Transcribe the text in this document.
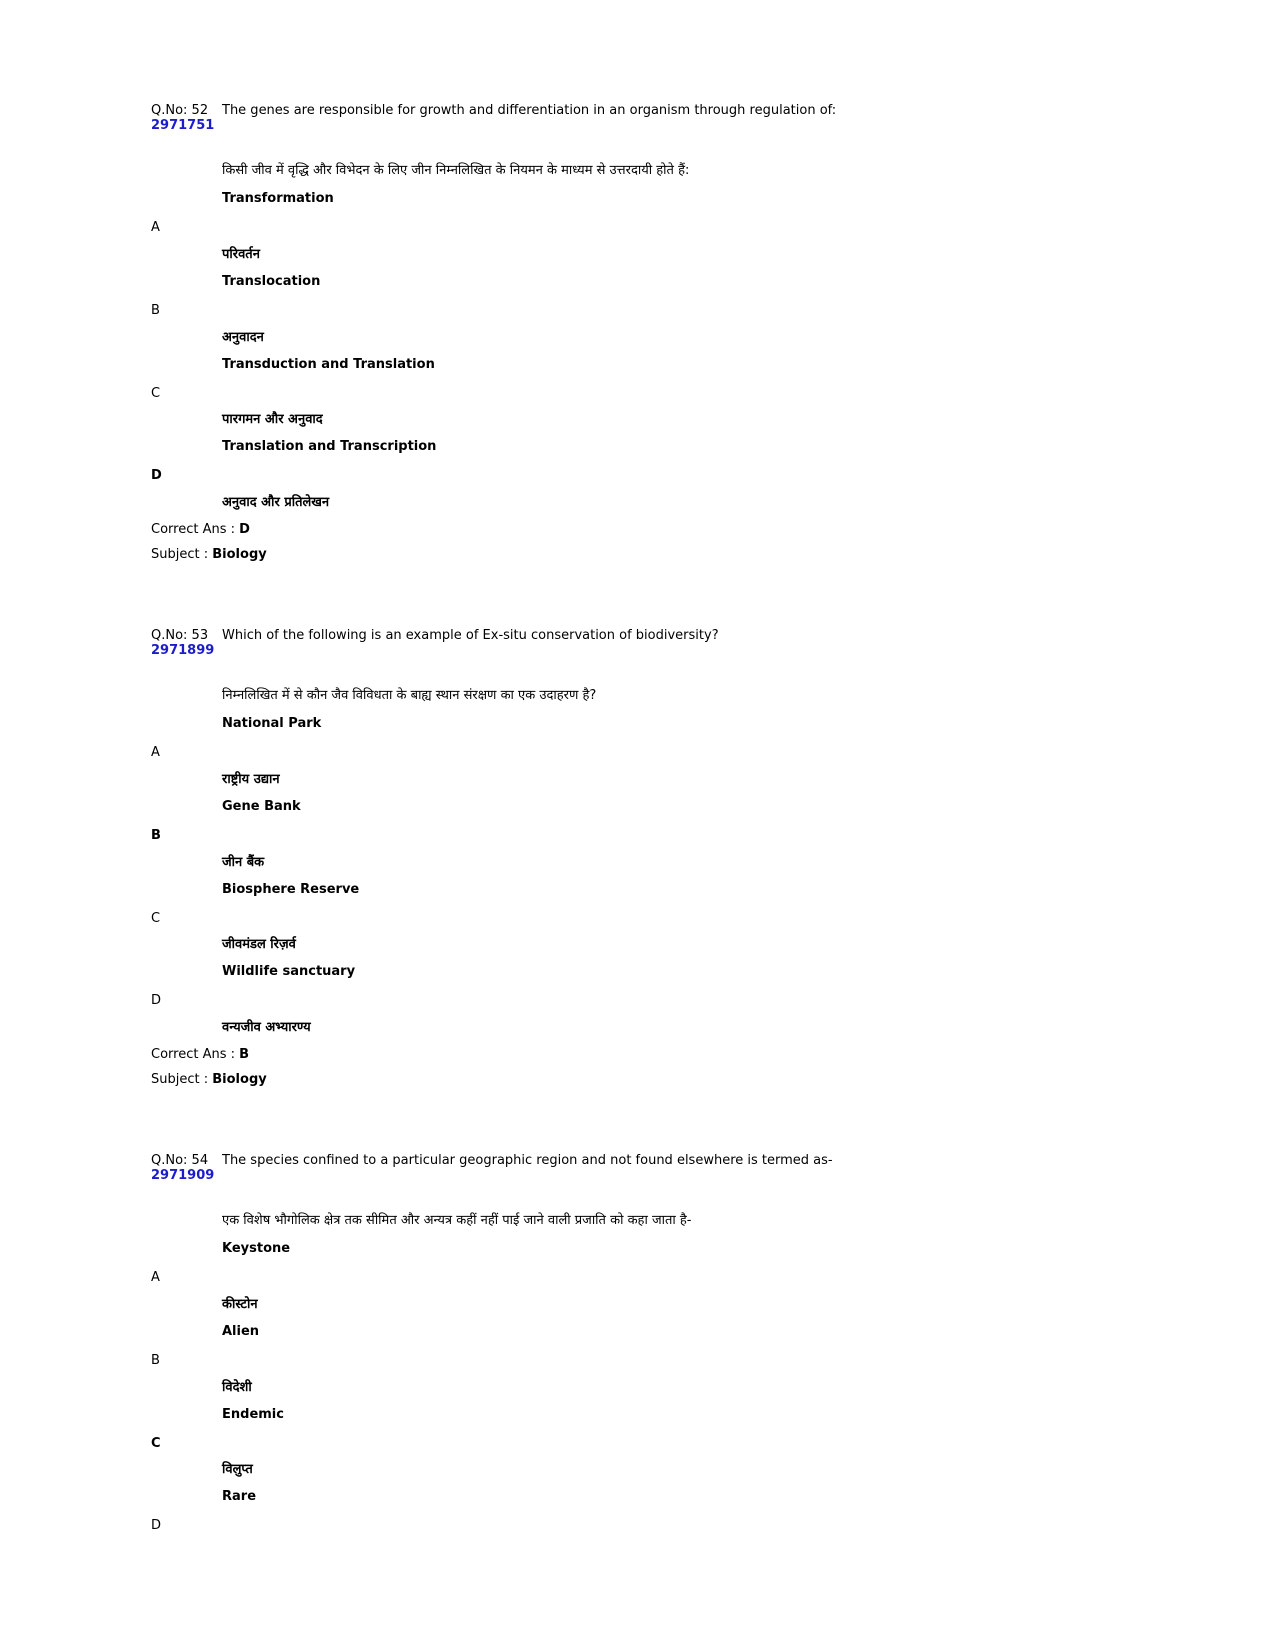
Q.No: 52
2971751
The genes are responsible for growth and differentiation in an organism through regulation of:
किसी जीव में वृद्धि और विभेदन के लिए जीन निम्नलिखित के नियमन के माध्यम से उत्तरदायी होते हैं:
Transformation
A
परिवर्तन
Translocation
B
अनुवादन
Transduction and Translation
C
पारगमन और अनुवाद
Translation and Transcription
D
अनुवाद और प्रतिलेखन
Correct Ans : D
Subject : Biology
Q.No: 53
2971899
Which of the following is an example of Ex-situ conservation of biodiversity?
निम्नलिखित में से कौन जैव विविधता के बाह्य स्थान संरक्षण का एक उदाहरण है?
National Park
A
राष्ट्रीय उद्यान
Gene Bank
B
जीन बैंक
Biosphere Reserve
C
जीवमंडल रिज़र्व
Wildlife sanctuary
D
वन्यजीव अभ्यारण्य
Correct Ans : B
Subject : Biology
Q.No: 54
2971909
The species confined to a particular geographic region and not found elsewhere is termed as-
एक विशेष भौगोलिक क्षेत्र तक सीमित और अन्यत्र कहीं नहीं पाई जाने वाली प्रजाति को कहा जाता है-
Keystone
A
कीस्टोन
Alien
B
विदेशी
Endemic
C
विलुप्त
Rare
D
